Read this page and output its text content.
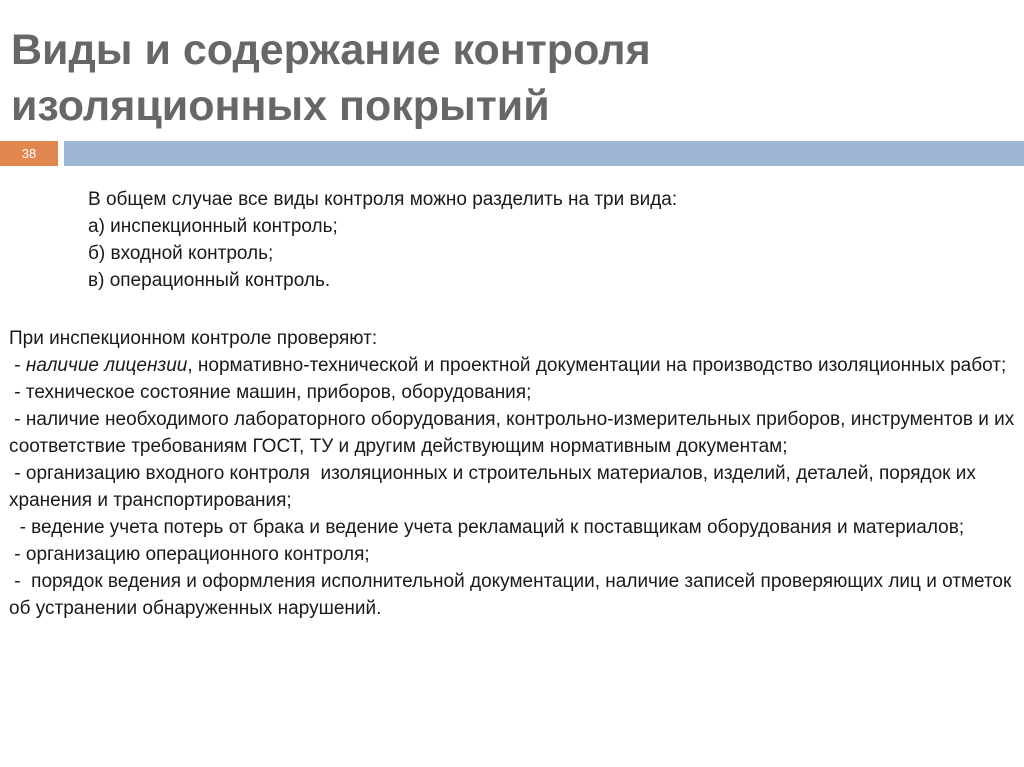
Виды и содержание контроля
изоляционных покрытий
38

В общем случае все виды контроля можно разделить на три вида:

а) инспекционный контроль;

б) входной контроль;

в) операционный контроль.

При инспекционном контроле проверяют:

- наличие лицензии, нормативно-технической и проектной документации на производство изоляционных работ;

- техническое состояние машин, приборов, оборудования;

- наличие необходимого лабораторного оборудования, контрольно-измерительных приборов, инструментов и их соответствие требованиям ГОСТ, ТУ и другим действующим нормативным документам;

- организацию входного контроля  изоляционных и строительных материалов, изделий, деталей, порядок их хранения и транспортирования;

- ведение учета потерь от брака и ведение учета рекламаций к поставщикам оборудования и материалов;

- организацию операционного контроля;

-  порядок ведения и оформления исполнительной документации, наличие записей проверяющих лиц и отметок об устранении обнаруженных нарушений.
